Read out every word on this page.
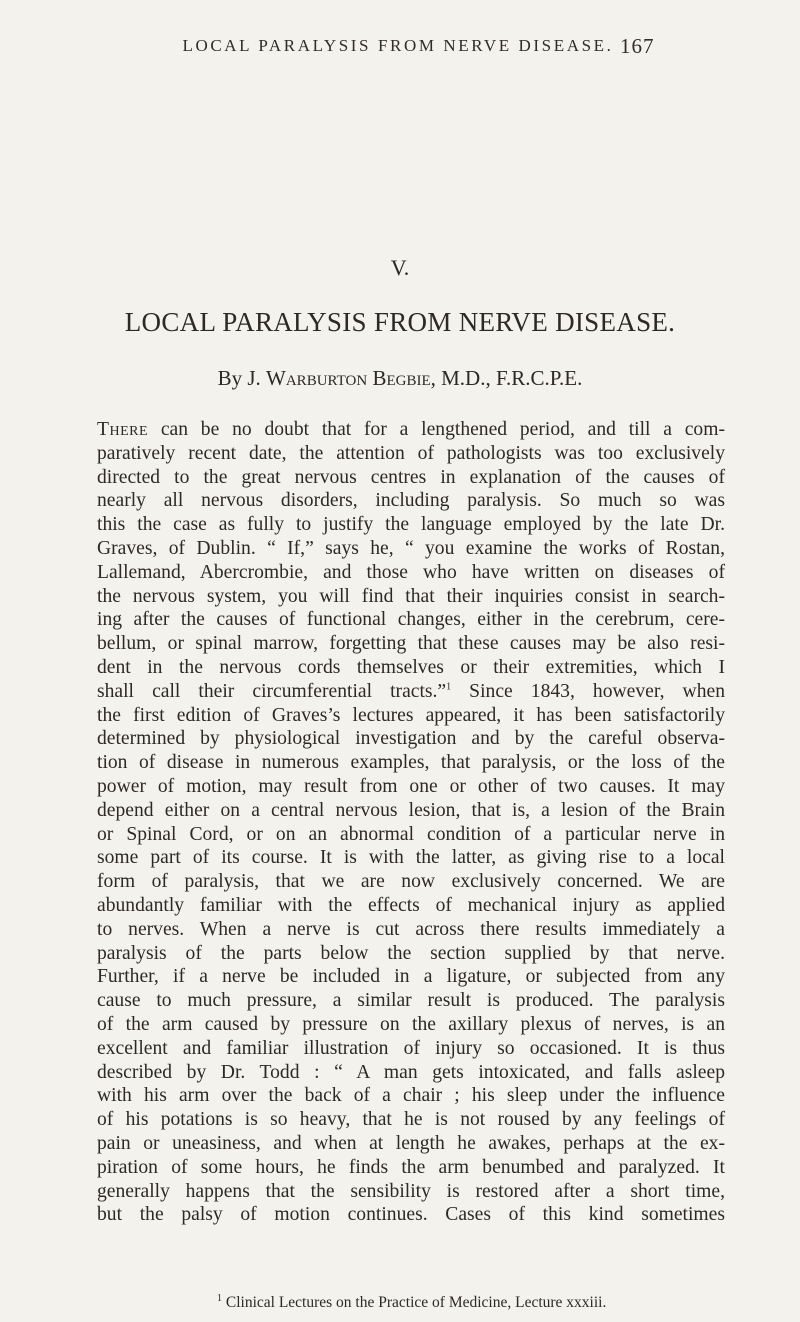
LOCAL PARALYSIS FROM NERVE DISEASE. 167
V.
LOCAL PARALYSIS FROM NERVE DISEASE.
By J. Warburton Begbie, M.D., F.R.C.P.E.
There can be no doubt that for a lengthened period, and till a com-
paratively recent date, the attention of pathologists was too exclusively
directed to the great nervous centres in explanation of the causes of
nearly all nervous disorders, including paralysis. So much so was
this the case as fully to justify the language employed by the late Dr.
Graves, of Dublin. “ If,” says he, “ you examine the works of Rostan,
Lallemand, Abercrombie, and those who have written on diseases of
the nervous system, you will find that their inquiries consist in search-
ing after the causes of functional changes, either in the cerebrum, cere-
bellum, or spinal marrow, forgetting that these causes may be also resi-
dent in the nervous cords themselves or their extremities, which I
shall call their circumferential tracts.”$^1$ Since 1843, however, when
the first edition of Graves’s lectures appeared, it has been satisfactorily
determined by physiological investigation and by the careful observa-
tion of disease in numerous examples, that paralysis, or the loss of the
power of motion, may result from one or other of two causes. It may
depend either on a central nervous lesion, that is, a lesion of the Brain
or Spinal Cord, or on an abnormal condition of a particular nerve in
some part of its course. It is with the latter, as giving rise to a local
form of paralysis, that we are now exclusively concerned. We are
abundantly familiar with the effects of mechanical injury as applied
to nerves. When a nerve is cut across there results immediately a
paralysis of the parts below the section supplied by that nerve.
Further, if a nerve be included in a ligature, or subjected from any
cause to much pressure, a similar result is produced. The paralysis
of the arm caused by pressure on the axillary plexus of nerves, is an
excellent and familiar illustration of injury so occasioned. It is thus
described by Dr. Todd : “ A man gets intoxicated, and falls asleep
with his arm over the back of a chair ; his sleep under the influence
of his potations is so heavy, that he is not roused by any feelings of
pain or uneasiness, and when at length he awakes, perhaps at the ex-
piration of some hours, he finds the arm benumbed and paralyzed. It
generally happens that the sensibility is restored after a short time,
but the palsy of motion continues. Cases of this kind sometimes
$^1$ Clinical Lectures on the Practice of Medicine, Lecture xxxiii.
